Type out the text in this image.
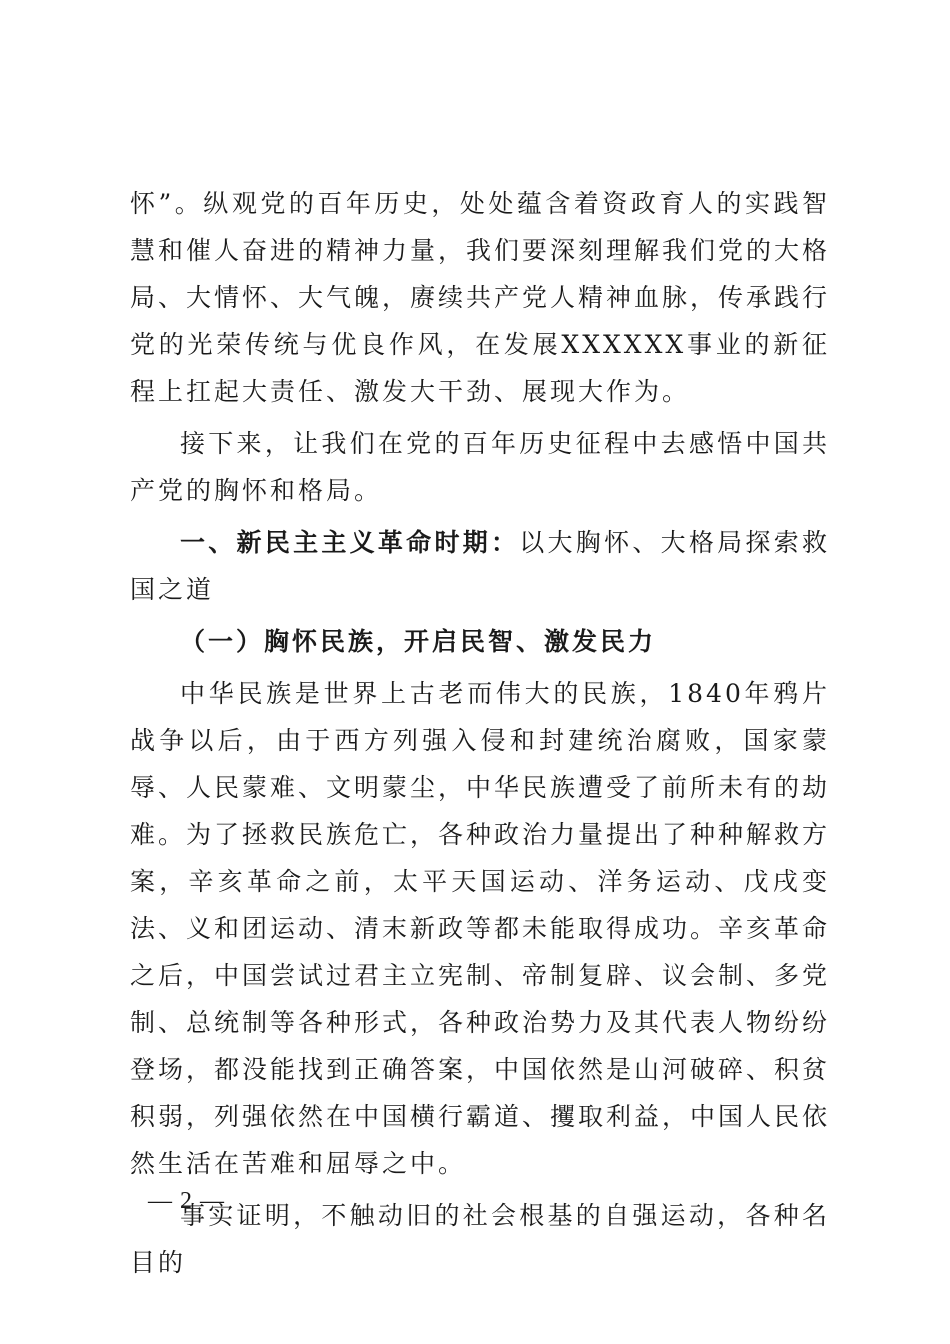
怀”。纵观党的百年历史，处处蕴含着资政育人的实践智慧和催人奋进的精神力量，我们要深刻理解我们党的大格局、大情怀、大气魄，赓续共产党人精神血脉，传承践行党的光荣传统与优良作风，在发展XXXXXX事业的新征程上扛起大责任、激发大干劲、展现大作为。

接下来，让我们在党的百年历史征程中去感悟中国共产党的胸怀和格局。

一、新民主主义革命时期：以大胸怀、大格局探索救国之道

（一）胸怀民族，开启民智、激发民力

中华民族是世界上古老而伟大的民族，1840年鸦片战争以后，由于西方列强入侵和封建统治腐败，国家蒙辱、人民蒙难、文明蒙尘，中华民族遭受了前所未有的劫难。为了拯救民族危亡，各种政治力量提出了种种解救方案，辛亥革命之前，太平天国运动、洋务运动、戊戌变法、义和团运动、清末新政等都未能取得成功。辛亥革命之后，中国尝试过君主立宪制、帝制复辟、议会制、多党制、总统制等各种形式，各种政治势力及其代表人物纷纷登场，都没能找到正确答案，中国依然是山河破碎、积贫积弱，列强依然在中国横行霸道、攫取利益，中国人民依然生活在苦难和屈辱之中。

事实证明，不触动旧的社会根基的自强运动，各种名目的

— 2 —
